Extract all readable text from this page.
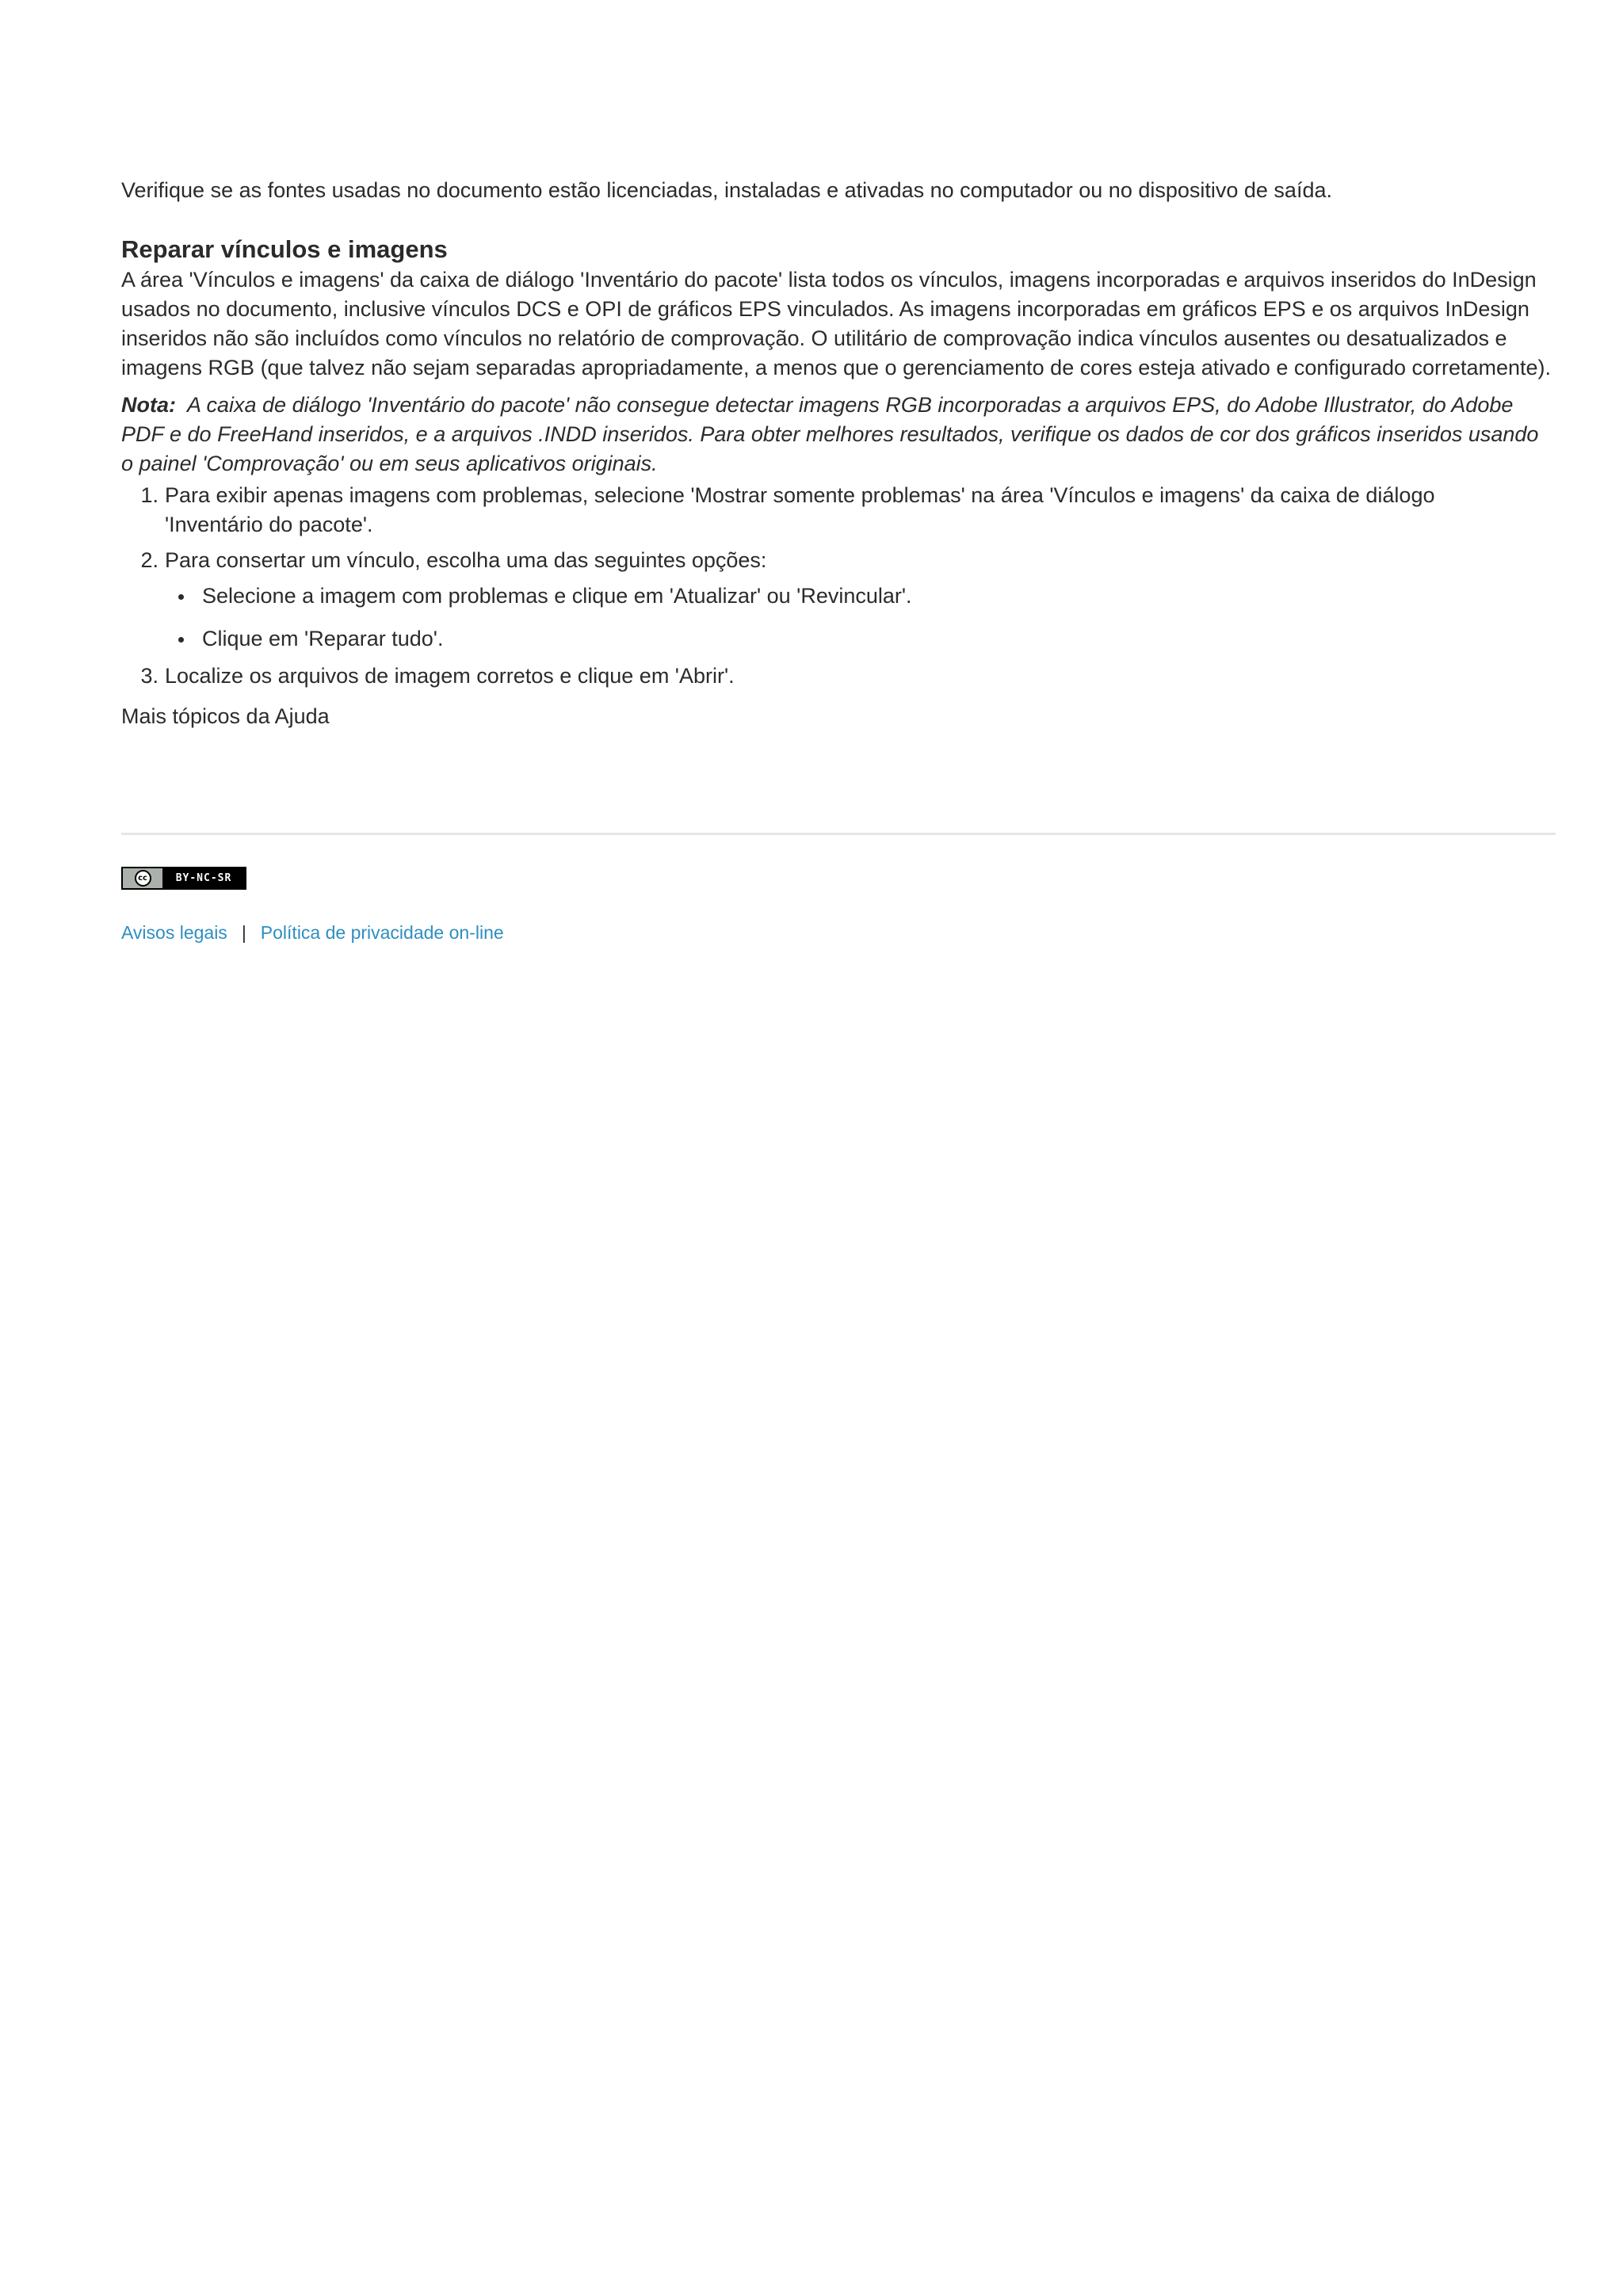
Verifique se as fontes usadas no documento estão licenciadas, instaladas e ativadas no computador ou no dispositivo de saída.

Reparar vínculos e imagens

A área 'Vínculos e imagens' da caixa de diálogo 'Inventário do pacote' lista todos os vínculos, imagens incorporadas e arquivos inseridos do InDesign usados no documento, inclusive vínculos DCS e OPI de gráficos EPS vinculados. As imagens incorporadas em gráficos EPS e os arquivos InDesign inseridos não são incluídos como vínculos no relatório de comprovação. O utilitário de comprovação indica vínculos ausentes ou desatualizados e imagens RGB (que talvez não sejam separadas apropriadamente, a menos que o gerenciamento de cores esteja ativado e configurado corretamente).

Nota: A caixa de diálogo 'Inventário do pacote' não consegue detectar imagens RGB incorporadas a arquivos EPS, do Adobe Illustrator, do Adobe PDF e do FreeHand inseridos, e a arquivos .INDD inseridos. Para obter melhores resultados, verifique os dados de cor dos gráficos inseridos usando o painel 'Comprovação' ou em seus aplicativos originais.

Para exibir apenas imagens com problemas, selecione 'Mostrar somente problemas' na área 'Vínculos e imagens' da caixa de diálogo 'Inventário do pacote'.
Para consertar um vínculo, escolha uma das seguintes opções:
Selecione a imagem com problemas e clique em 'Atualizar' ou 'Revincular'.
Clique em 'Reparar tudo'.
Localize os arquivos de imagem corretos e clique em 'Abrir'.

Mais tópicos da Ajuda

cc	BY-NC-SR
Avisos legais | Política de privacidade on-line
